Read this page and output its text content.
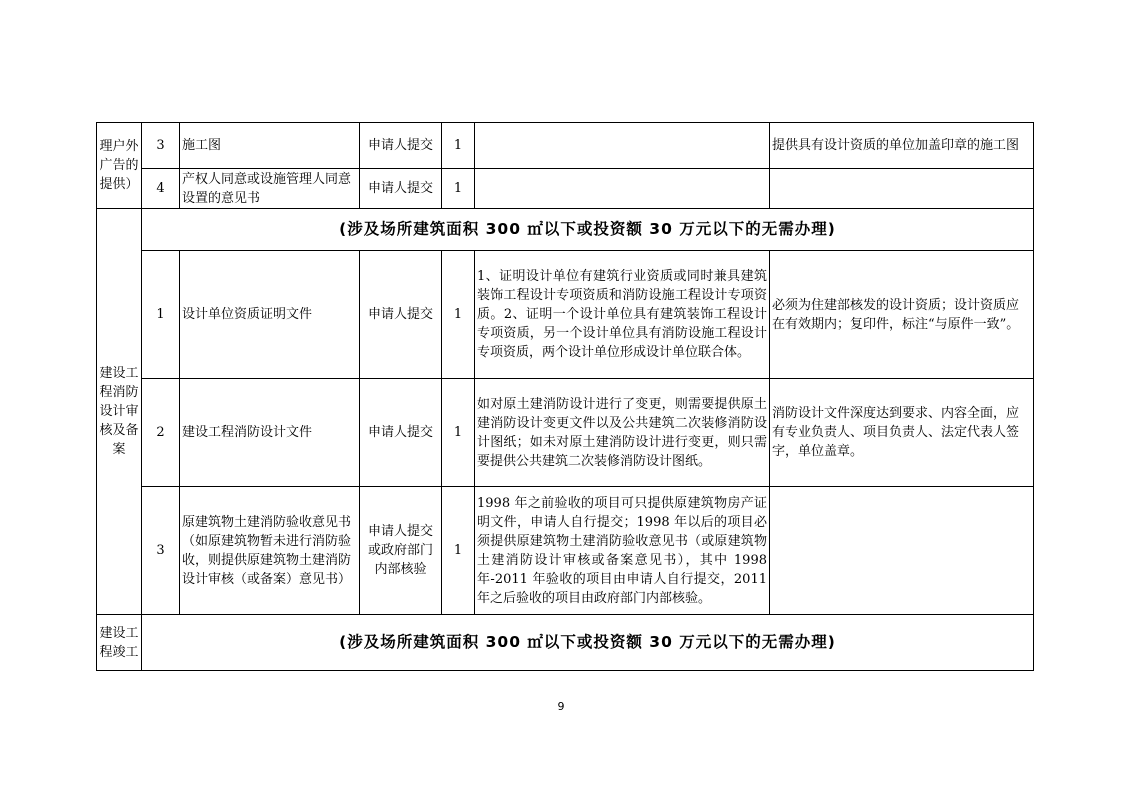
理户外广告的提供）	3	施工图	申请人提交	1		提供具有设计资质的单位加盖印章的施工图
	4	产权人同意或设施管理人同意设置的意见书	申请人提交	1		
建设工程消防设计审核及备案	(涉及场所建筑面积 300 ㎡以下或投资额 30 万元以下的无需办理)					
	1	设计单位资质证明文件	申请人提交	1	1、证明设计单位有建筑行业资质或同时兼具建筑装饰工程设计专项资质和消防设施工程设计专项资质。2、证明一个设计单位具有建筑装饰工程设计专项资质，另一个设计单位具有消防设施工程设计专项资质，两个设计单位形成设计单位联合体。	必须为住建部核发的设计资质；设计资质应在有效期内；复印件，标注“与原件一致”。
	2	建设工程消防设计文件	申请人提交	1	如对原土建消防设计进行了变更，则需要提供原土建消防设计变更文件以及公共建筑二次装修消防设计图纸；如未对原土建消防设计进行变更，则只需要提供公共建筑二次装修消防设计图纸。	消防设计文件深度达到要求、内容全面，应有专业负责人、项目负责人、法定代表人签字，单位盖章。
	3	原建筑物土建消防验收意见书（如原建筑物暂未进行消防验收，则提供原建筑物土建消防设计审核（或备案）意见书）	申请人提交或政府部门内部核验	1	1998 年之前验收的项目可只提供原建筑物房产证明文件，申请人自行提交；1998 年以后的项目必须提供原建筑物土建消防验收意见书（或原建筑物土建消防设计审核或备案意见书），其中 1998 年-2011 年验收的项目由申请人自行提交，2011 年之后验收的项目由政府部门内部核验。	
建设工程竣工	(涉及场所建筑面积 300 ㎡以下或投资额 30 万元以下的无需办理)					
9
